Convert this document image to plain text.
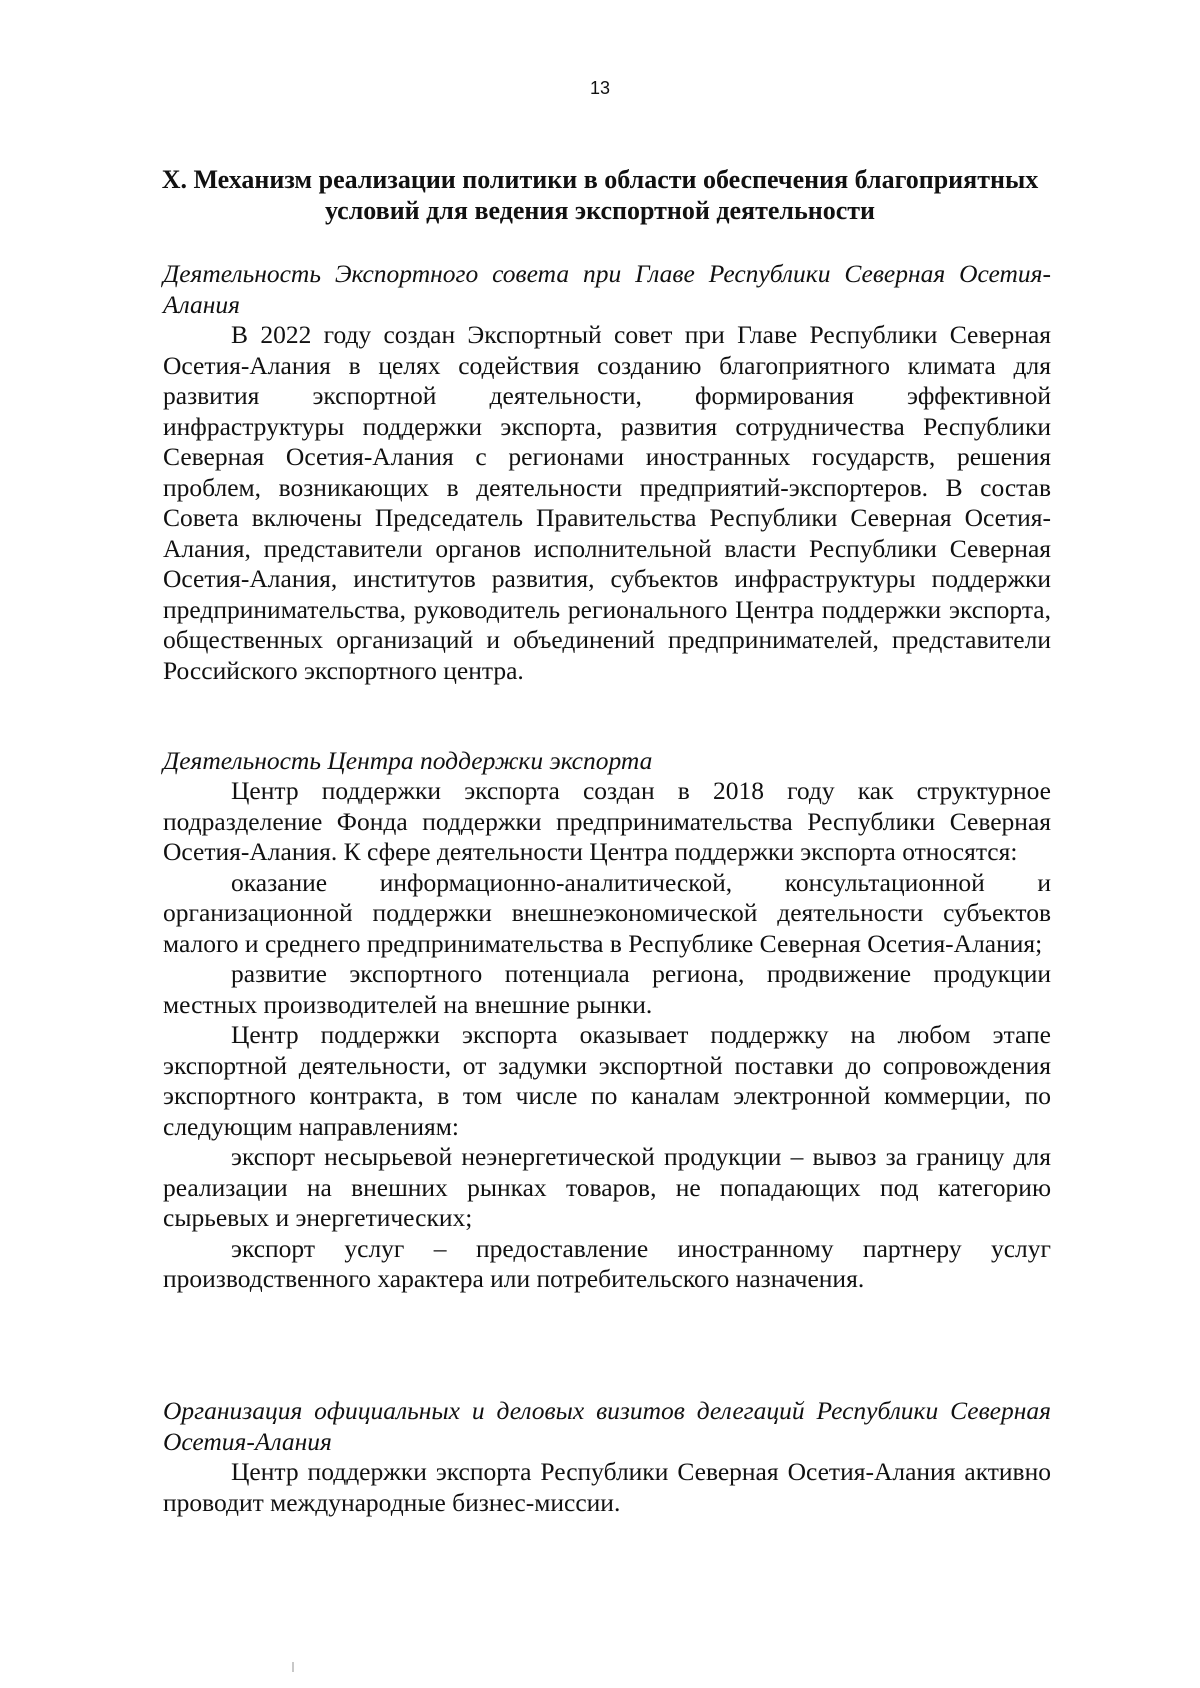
13
X. Механизм реализации политики в области обеспечения благоприятных условий для ведения экспортной деятельности

Деятельность Экспортного совета при Главе Республики Северная Осетия-Алания

В 2022 году создан Экспортный совет при Главе Республики Северная Осетия-Алания в целях содействия созданию благоприятного климата для развития экспортной деятельности, формирования эффективной инфраструктуры поддержки экспорта, развития сотрудничества Республики Северная Осетия-Алания с регионами иностранных государств, решения проблем, возникающих в деятельности предприятий-экспортеров. В состав Совета включены Председатель Правительства Республики Северная Осетия-Алания, представители органов исполнительной власти Республики Северная Осетия-Алания, институтов развития, субъектов инфраструктуры поддержки предпринимательства, руководитель регионального Центра поддержки экспорта, общественных организаций и объединений предпринимателей, представители Российского экспортного центра.

Деятельность Центра поддержки экспорта

Центр поддержки экспорта создан в 2018 году как структурное подразделение Фонда поддержки предпринимательства Республики Северная Осетия-Алания. К сфере деятельности Центра поддержки экспорта относятся:

оказание информационно-аналитической, консультационной и организационной поддержки внешнеэкономической деятельности субъектов малого и среднего предпринимательства в Республике Северная Осетия-Алания;

развитие экспортного потенциала региона, продвижение продукции местных производителей на внешние рынки.

Центр поддержки экспорта оказывает поддержку на любом этапе экспортной деятельности, от задумки экспортной поставки до сопровождения экспортного контракта, в том числе по каналам электронной коммерции, по следующим направлениям:

экспорт несырьевой неэнергетической продукции – вывоз за границу для реализации на внешних рынках товаров, не попадающих под категорию сырьевых и энергетических;

экспорт услуг – предоставление иностранному партнеру услуг производственного характера или потребительского назначения.

Организация официальных и деловых визитов делегаций Республики Северная Осетия-Алания

Центр поддержки экспорта Республики Северная Осетия-Алания активно проводит международные бизнес-миссии.
